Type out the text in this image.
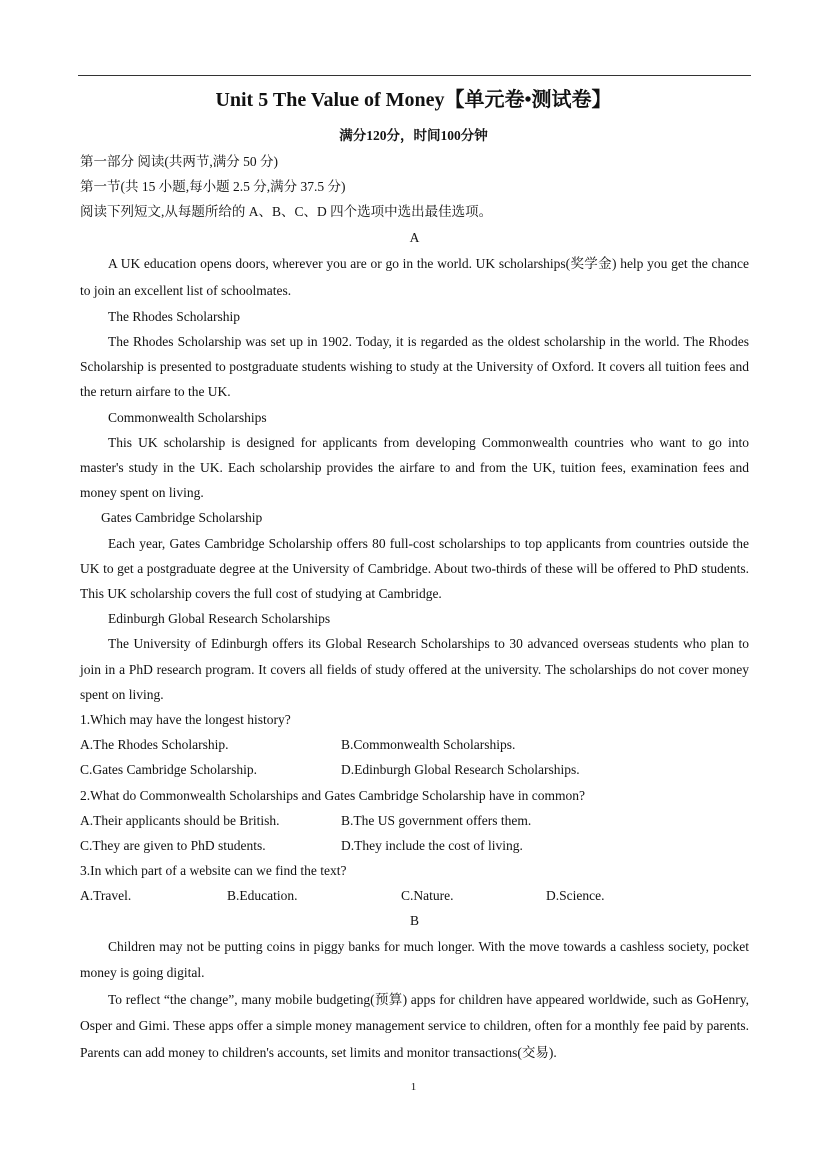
Unit 5 The Value of Money【单元卷•测试卷】
满分120分，时间100分钟
第一部分 阅读(共两节,满分 50 分)
第一节(共 15 小题,每小题 2.5 分,满分 37.5 分)
阅读下列短文,从每题所给的 A、B、C、D 四个选项中选出最佳选项。
A
A UK education opens doors, wherever you are or go in the world. UK scholarships(奖学金) help you get the chance to join an excellent list of schoolmates.
The Rhodes Scholarship
The Rhodes Scholarship was set up in 1902. Today, it is regarded as the oldest scholarship in the world. The Rhodes Scholarship is presented to postgraduate students wishing to study at the University of Oxford. It covers all tuition fees and the return airfare to the UK.
Commonwealth Scholarships
This UK scholarship is designed for applicants from developing Commonwealth countries who want to go into master's study in the UK. Each scholarship provides the airfare to and from the UK, tuition fees, examination fees and money spent on living.
Gates Cambridge Scholarship
Each year, Gates Cambridge Scholarship offers 80 full-cost scholarships to top applicants from countries outside the UK to get a postgraduate degree at the University of Cambridge. About two-thirds of these will be offered to PhD students. This UK scholarship covers the full cost of studying at Cambridge.
Edinburgh Global Research Scholarships
The University of Edinburgh offers its Global Research Scholarships to 30 advanced overseas students who plan to join in a PhD research program. It covers all fields of study offered at the university. The scholarships do not cover money spent on living.
1.Which may have the longest history?
A.The Rhodes Scholarship.	B.Commonwealth Scholarships.
C.Gates Cambridge Scholarship.	D.Edinburgh Global Research Scholarships.
2.What do Commonwealth Scholarships and Gates Cambridge Scholarship have in common?
A.Their applicants should be British.	B.The US government offers them.
C.They are given to PhD students.	D.They include the cost of living.
3.In which part of a website can we find the text?
A.Travel.	B.Education.	C.Nature.	D.Science.
B
Children may not be putting coins in piggy banks for much longer. With the move towards a cashless society, pocket money is going digital.
To reflect “the change”, many mobile budgeting(预算) apps for children have appeared worldwide, such as GoHenry, Osper and Gimi. These apps offer a simple money management service to children, often for a monthly fee paid by parents. Parents can add money to children's accounts, set limits and monitor transactions(交易).
1
